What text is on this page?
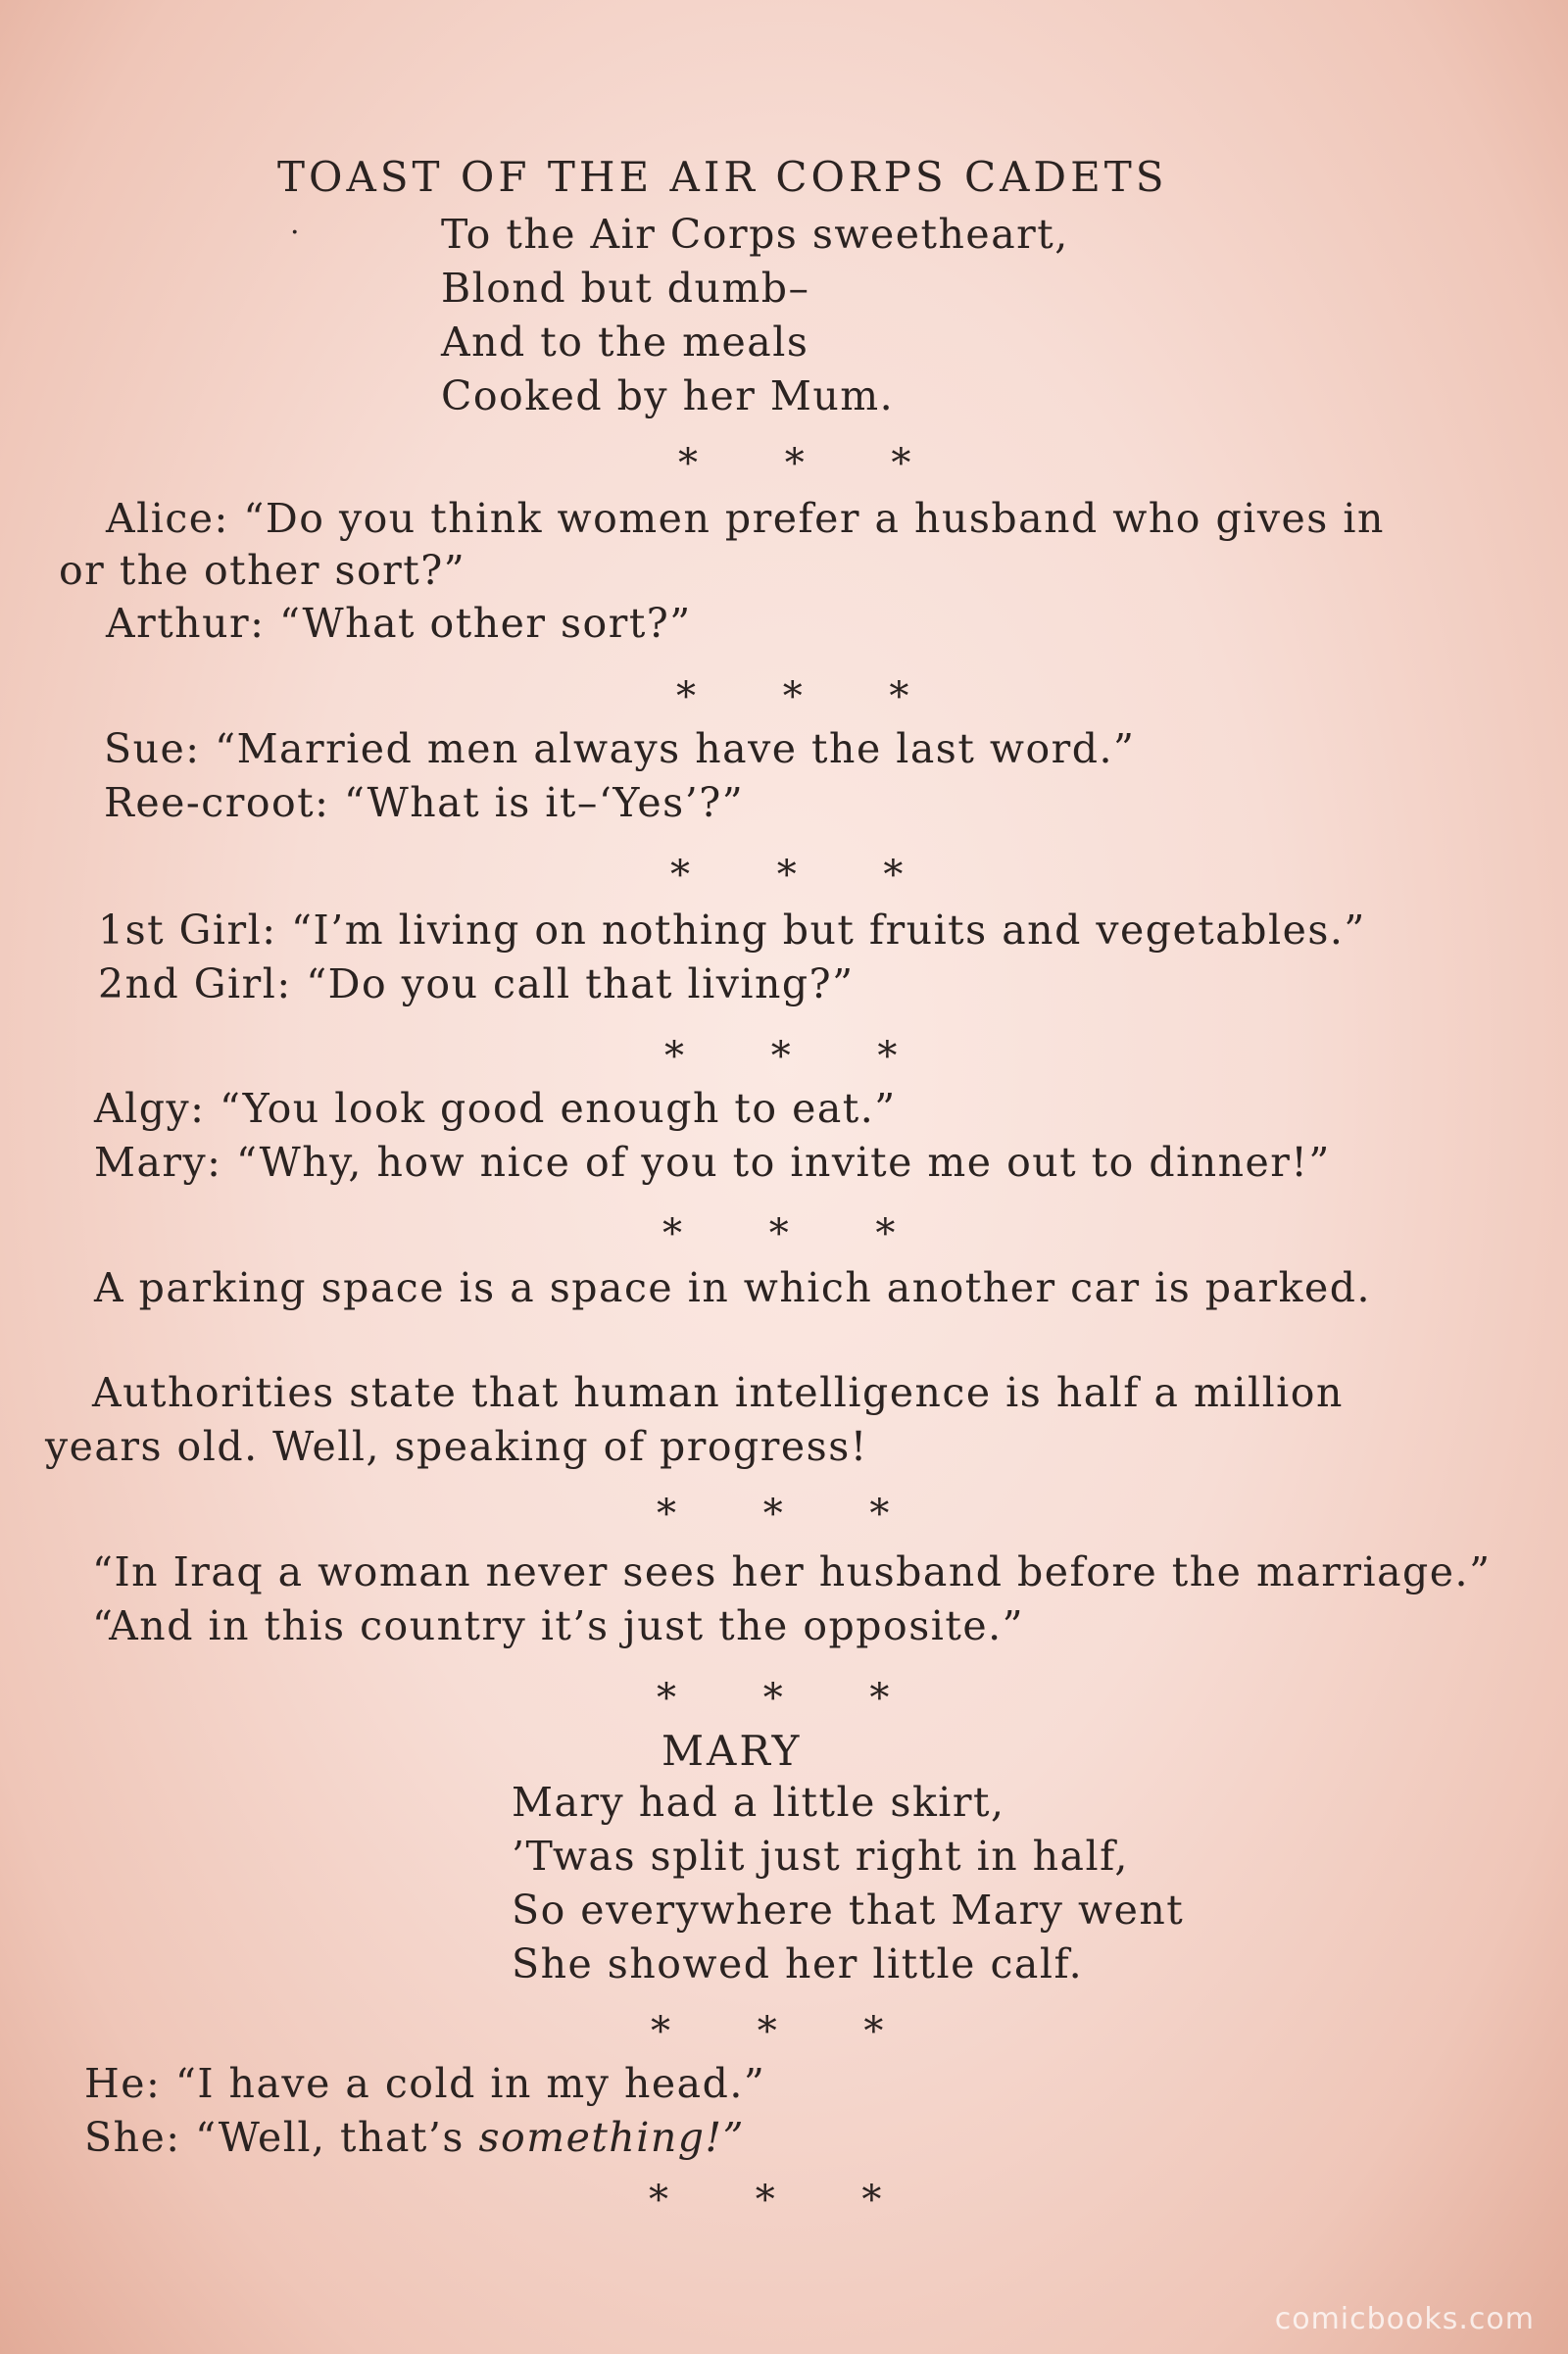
TOAST OF THE AIR CORPS CADETS
·	To the Air Corps sweetheart,
Blond but dumb–
And to the meals
Cooked by her Mum.
* * *
Alice: “Do you think women prefer a husband who gives in
or the other sort?”
Arthur: “What other sort?”
* * *
Sue: “Married men always have the last word.”
Ree-croot: “What is it–‘Yes’?”
* * *
1st Girl: “I’m living on nothing but fruits and vegetables.”
2nd Girl: “Do you call that living?”
* * *
Algy: “You look good enough to eat.”
Mary: “Why, how nice of you to invite me out to dinner!”
* * *
A parking space is a space in which another car is parked.
Authorities state that human intelligence is half a million
years old. Well, speaking of progress!
* * *
“In Iraq a woman never sees her husband before the marriage.”
“And in this country it’s just the opposite.”
* * *
MARY
Mary had a little skirt,
’Twas split just right in half,
So everywhere that Mary went
She showed her little calf.
* * *
He: “I have a cold in my head.”
She: “Well, that’s something!”
* * *
comicbooks.com
